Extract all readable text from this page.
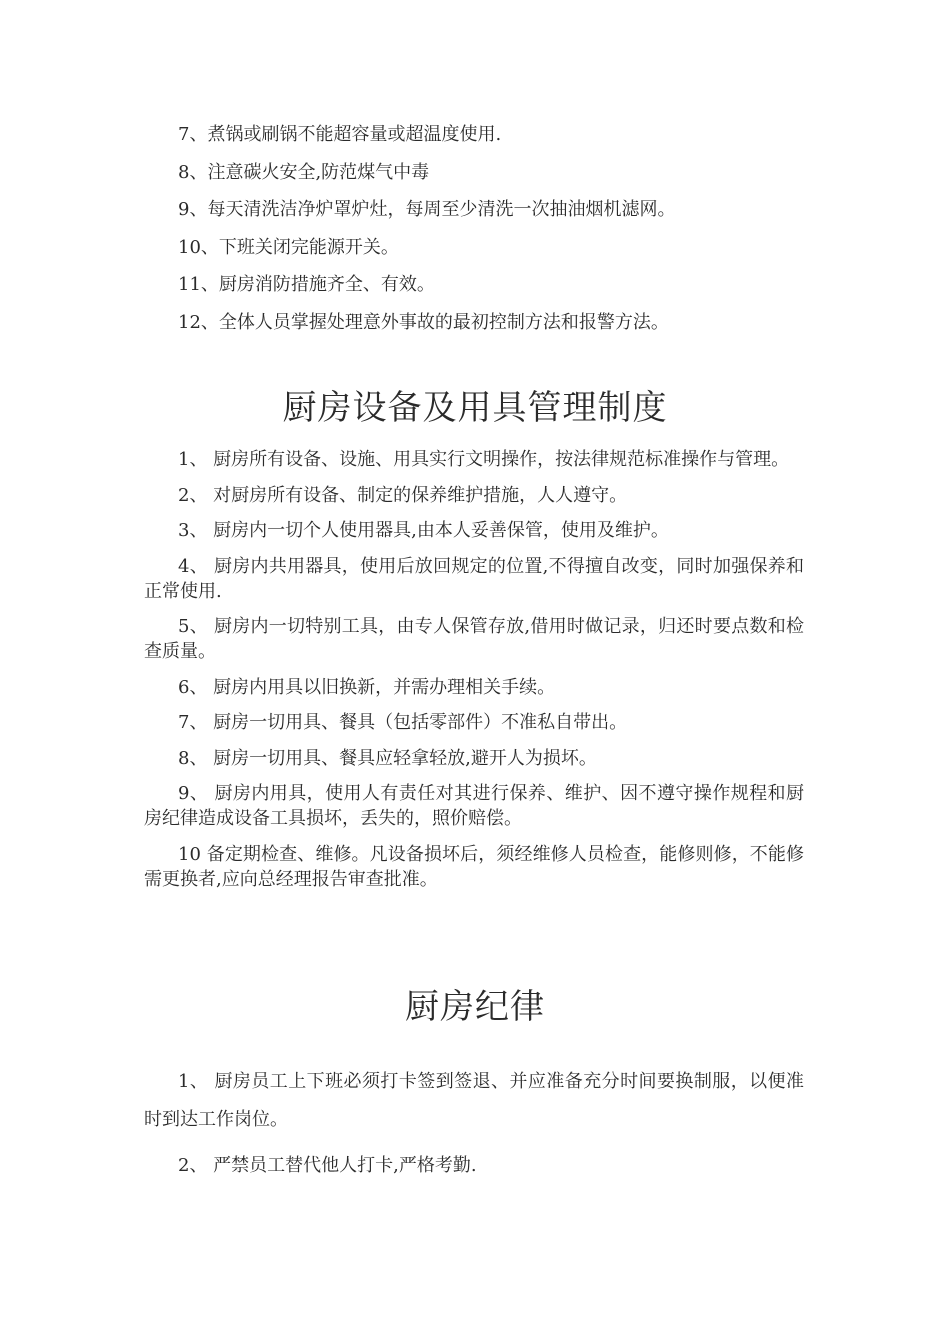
7、煮锅或刷锅不能超容量或超温度使用.
8、注意碳火安全,防范煤气中毒
9、每天清洗洁净炉罩炉灶，每周至少清洗一次抽油烟机滤网。
10、下班关闭完能源开关。
11、厨房消防措施齐全、有效。
12、全体人员掌握处理意外事故的最初控制方法和报警方法。
厨房设备及用具管理制度
1、 厨房所有设备、设施、用具实行文明操作，按法律规范标准操作与管理。
2、 对厨房所有设备、制定的保养维护措施，人人遵守。
3、 厨房内一切个人使用器具,由本人妥善保管，使用及维护。
4、 厨房内共用器具，使用后放回规定的位置,不得擅自改变，同时加强保养和正常使用.
5、 厨房内一切特别工具，由专人保管存放,借用时做记录，归还时要点数和检查质量。
6、 厨房内用具以旧换新，并需办理相关手续。
7、 厨房一切用具、餐具（包括零部件）不准私自带出。
8、 厨房一切用具、餐具应轻拿轻放,避开人为损坏。
9、 厨房内用具，使用人有责任对其进行保养、维护、因不遵守操作规程和厨房纪律造成设备工具损坏，丢失的，照价赔偿。
10 备定期检查、维修。凡设备损坏后，须经维修人员检查，能修则修，不能修需更换者,应向总经理报告审查批准。
厨房纪律
1、 厨房员工上下班必须打卡签到签退、并应准备充分时间要换制服，以便准时到达工作岗位。
2、 严禁员工替代他人打卡,严格考勤.
